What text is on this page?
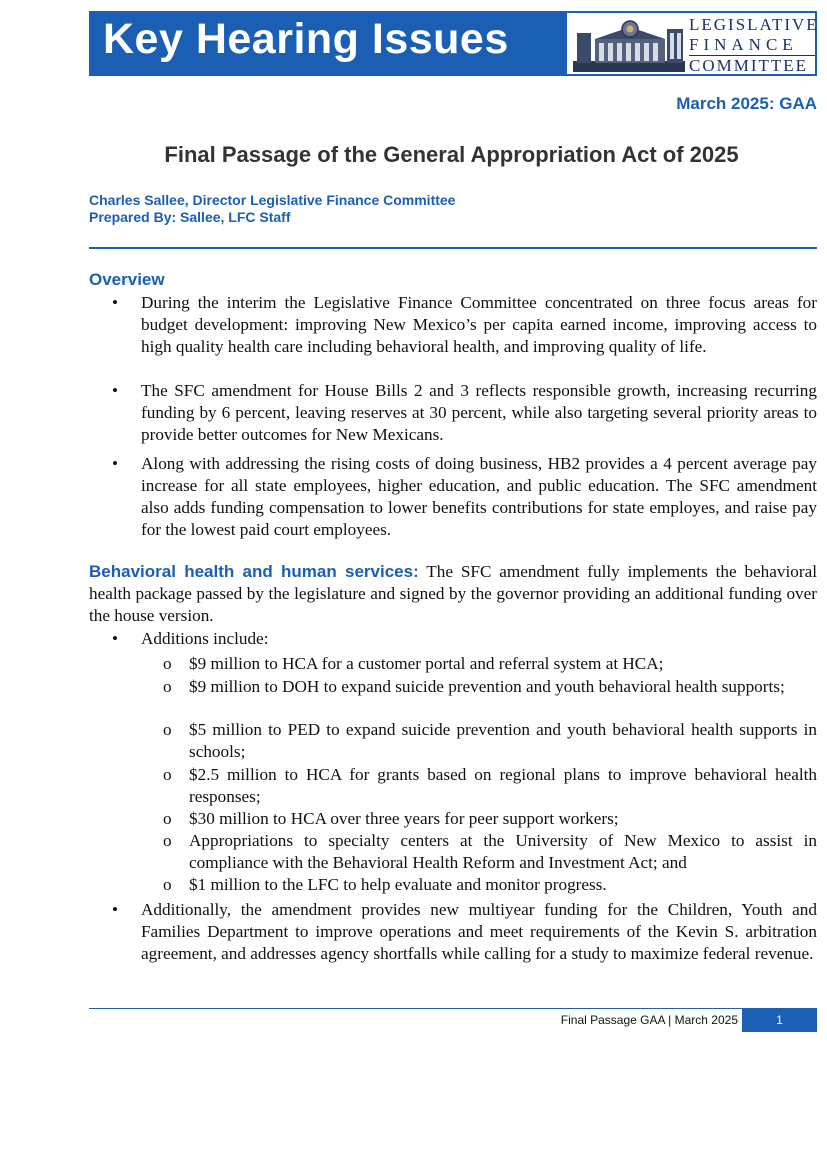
Key Hearing Issues	LEGISLATIVE
FINANCE
COMMITTEE
March 2025: GAA
Final Passage of the General Appropriation Act of 2025
Charles Sallee, Director Legislative Finance Committee
Prepared By: Sallee, LFC Staff
Overview
• During the interim the Legislative Finance Committee concentrated on three focus areas for budget development: improving New Mexico’s per capita earned income, improving access to high quality health care including behavioral health, and improving quality of life.
• The SFC amendment for House Bills 2 and 3 reflects responsible growth, increasing recurring funding by 6 percent, leaving reserves at 30 percent, while also targeting several priority areas to provide better outcomes for New Mexicans.
• Along with addressing the rising costs of doing business, HB2 provides a 4 percent average pay increase for all state employees, higher education, and public education. The SFC amendment also adds funding compensation to lower benefits contributions for state employes, and raise pay for the lowest paid court employees.
Behavioral health and human services: The SFC amendment fully implements the behavioral health package passed by the legislature and signed by the governor providing an additional funding over the house version.
• Additions include:
o $9 million to HCA for a customer portal and referral system at HCA;
o $9 million to DOH to expand suicide prevention and youth behavioral health supports;
o $5 million to PED to expand suicide prevention and youth behavioral health supports in schools;
o $2.5 million to HCA for grants based on regional plans to improve behavioral health responses;
o $30 million to HCA over three years for peer support workers;
o Appropriations to specialty centers at the University of New Mexico to assist in compliance with the Behavioral Health Reform and Investment Act; and
o $1 million to the LFC to help evaluate and monitor progress.
• Additionally, the amendment provides new multiyear funding for the Children, Youth and Families Department to improve operations and meet requirements of the Kevin S. arbitration agreement, and addresses agency shortfalls while calling for a study to maximize federal revenue.
Final Passage GAA | March 2025	1
